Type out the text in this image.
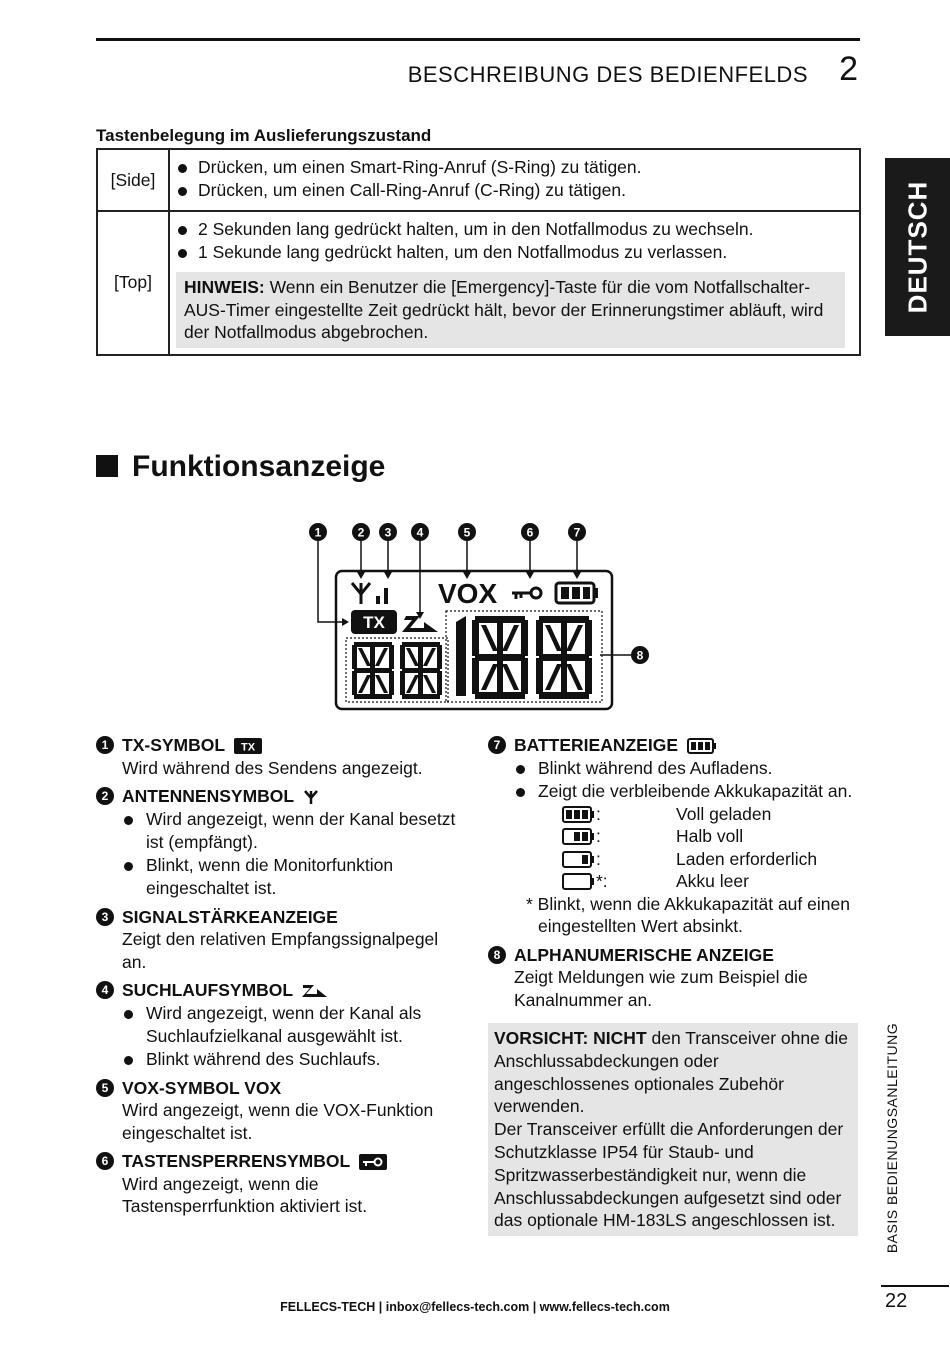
BESCHREIBUNG DES BEDIENFELDS 2
DEUTSCH
Tastenbelegung im Auslieferungszustand
[Side]	Drücken, um einen Smart-Ring-Anruf (S-Ring) zu tätigen.
Drücken, um einen Call-Ring-Anruf (C-Ring) zu tätigen.

[Top]	2 Sekunden lang gedrückt halten, um in den Notfallmodus zu wechseln.
1 Sekunde lang gedrückt halten, um den Notfallmodus zu verlassen.
HINWEIS: Wenn ein Benutzer die [Emergency]-Taste für die vom Notfallschalter-AUS-Timer eingestellte Zeit gedrückt hält, bevor der Erinnerungstimer abläuft, wird der Notfallmodus abgebrochen.
Funktionsanzeige
1	2 3 4	5	6	7
8
TX
VOX
1 TX-SYMBOL TX
Wird während des Sendens angezeigt.
2 ANTENNENSYMBOL
Wird angezeigt, wenn der Kanal besetzt ist (empfängt).
Blinkt, wenn die Monitorfunktion eingeschaltet ist.
3 SIGNALSTÄRKEANZEIGE
Zeigt den relativen Empfangssignalpegel an.
4 SUCHLAUFSYMBOL
Wird angezeigt, wenn der Kanal als Suchlaufzielkanal ausgewählt ist.
Blinkt während des Suchlaufs.
5 VOX-SYMBOL VOX
Wird angezeigt, wenn die VOX-Funktion eingeschaltet ist.
6 TASTENSPERRENSYMBOL
Wird angezeigt, wenn die Tastensperrfunktion aktiviert ist.
7 BATTERIEANZEIGE
Blinkt während des Aufladens.
Zeigt die verbleibende Akkukapazität an.
:	Voll geladen
:	Halb voll
:	Laden erforderlich
*:	Akku leer
* Blinkt, wenn die Akkukapazität auf einen eingestellten Wert absinkt.
8 ALPHANUMERISCHE ANZEIGE
Zeigt Meldungen wie zum Beispiel die Kanalnummer an.
VORSICHT: NICHT den Transceiver ohne die Anschlussabdeckungen oder angeschlossenes optionales Zubehör verwenden.
Der Transceiver erfüllt die Anforderungen der Schutzklasse IP54 für Staub- und Spritzwasserbeständigkeit nur, wenn die Anschlussabdeckungen aufgesetzt sind oder das optionale HM-183LS angeschlossen ist.	BASIS BEDIENUNGSANLEITUNG
22
FELLECS-TECH | inbox@fellecs-tech.com | www.fellecs-tech.com
